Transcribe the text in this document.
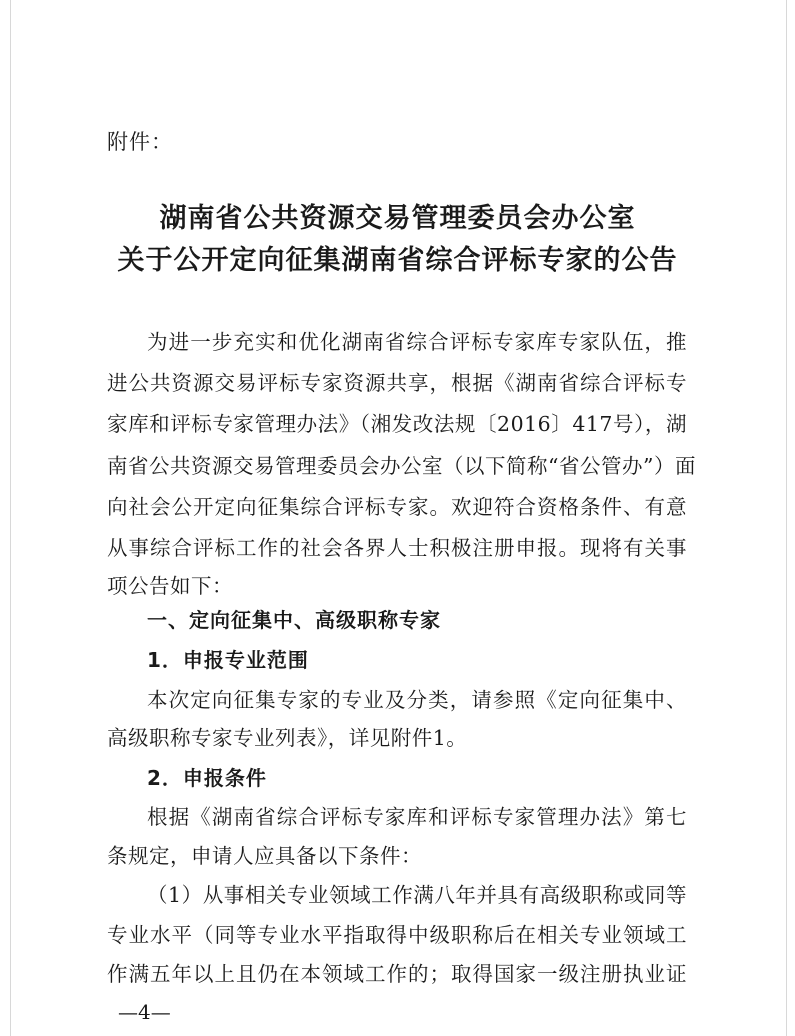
附件：
湖南省公共资源交易管理委员会办公室
关于公开定向征集湖南省综合评标专家的公告
为进一步充实和优化湖南省综合评标专家库专家队伍，推
进公共资源交易评标专家资源共享，根据《湖南省综合评标专
家库和评标专家管理办法》（湘发改法规〔2016〕417号），湖
南省公共资源交易管理委员会办公室（以下简称“省公管办”）面
向社会公开定向征集综合评标专家。欢迎符合资格条件、有意
从事综合评标工作的社会各界人士积极注册申报。现将有关事
项公告如下：
一、定向征集中、高级职称专家
1．申报专业范围
本次定向征集专家的专业及分类，请参照《定向征集中、
高级职称专家专业列表》，详见附件1。
2．申报条件
根据《湖南省综合评标专家库和评标专家管理办法》第七
条规定，申请人应具备以下条件：
（1）从事相关专业领域工作满八年并具有高级职称或同等
专业水平（同等专业水平指取得中级职称后在相关专业领域工
作满五年以上且仍在本领域工作的；取得国家一级注册执业证
—4—
